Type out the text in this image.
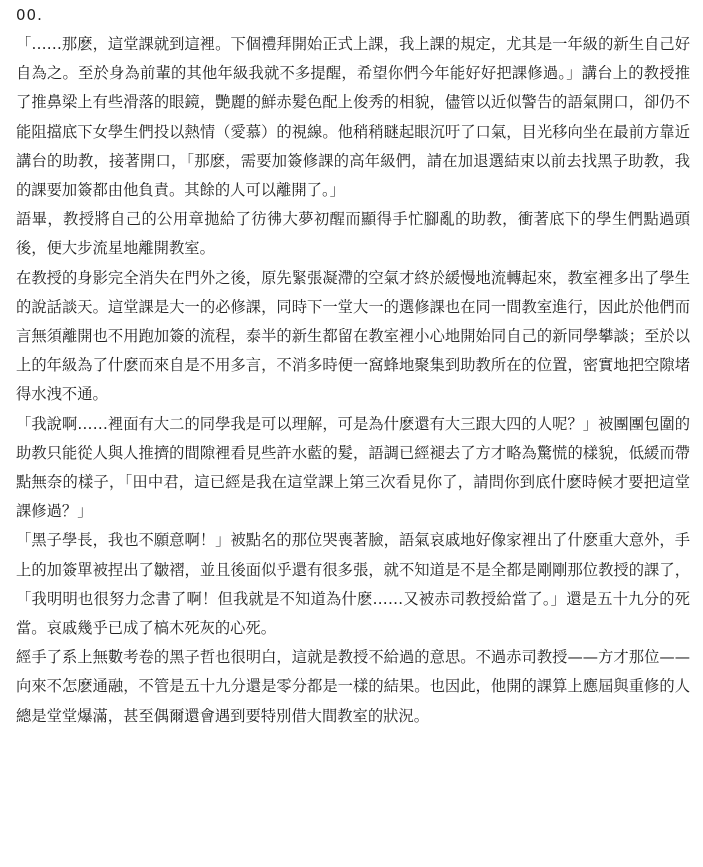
00.

「……那麽，這堂課就到這裡。下個禮拜開始正式上課，我上課的規定，尤其是一年級的新生自己好自為之。至於身為前輩的其他年級我就不多提醒，希望你們今年能好好把課修過。」講台上的教授推了推鼻梁上有些滑落的眼鏡，艷麗的鮮赤髮色配上俊秀的相貌，儘管以近似警告的語氣開口，卻仍不能阻擋底下女學生們投以熱情（愛慕）的視線。他稍稍瞇起眼沉吁了口氣，目光移向坐在最前方靠近講台的助教，接著開口，「那麽，需要加簽修課的高年級們，請在加退選結束以前去找黑子助教，我的課要加簽都由他負責。其餘的人可以離開了。」

語畢，教授將自己的公用章拋給了彷彿大夢初醒而顯得手忙腳亂的助教，衝著底下的學生們點過頭後，便大步流星地離開教室。

在教授的身影完全消失在門外之後，原先緊張凝滯的空氣才終於緩慢地流轉起來，教室裡多出了學生的說話談天。這堂課是大一的必修課，同時下一堂大一的選修課也在同一間教室進行，因此於他們而言無須離開也不用跑加簽的流程，泰半的新生都留在教室裡小心地開始同自己的新同學攀談；至於以上的年級為了什麽而來自是不用多言，不消多時便一窩蜂地聚集到助教所在的位置，密實地把空隙堵得水洩不通。

「我說啊……裡面有大二的同學我是可以理解，可是為什麽還有大三跟大四的人呢？」被團團包圍的助教只能從人與人推擠的間隙裡看見些許水藍的髮，語調已經褪去了方才略為驚慌的樣貌，低緩而帶點無奈的樣子，「田中君，這已經是我在這堂課上第三次看見你了，請問你到底什麽時候才要把這堂課修過？」

「黑子學長，我也不願意啊！」被點名的那位哭喪著臉，語氣哀戚地好像家裡出了什麽重大意外，手上的加簽單被捏出了皺褶，並且後面似乎還有很多張，就不知道是不是全都是剛剛那位教授的課了，「我明明也很努力念書了啊！但我就是不知道為什麽……又被赤司教授給當了。」還是五十九分的死當。哀戚幾乎已成了槁木死灰的心死。

經手了系上無數考卷的黑子哲也很明白，這就是教授不給過的意思。不過赤司教授——方才那位——向來不怎麽通融，不管是五十九分還是零分都是一樣的結果。也因此，他開的課算上應屆與重修的人總是堂堂爆滿，甚至偶爾還會遇到要特別借大間教室的狀況。
